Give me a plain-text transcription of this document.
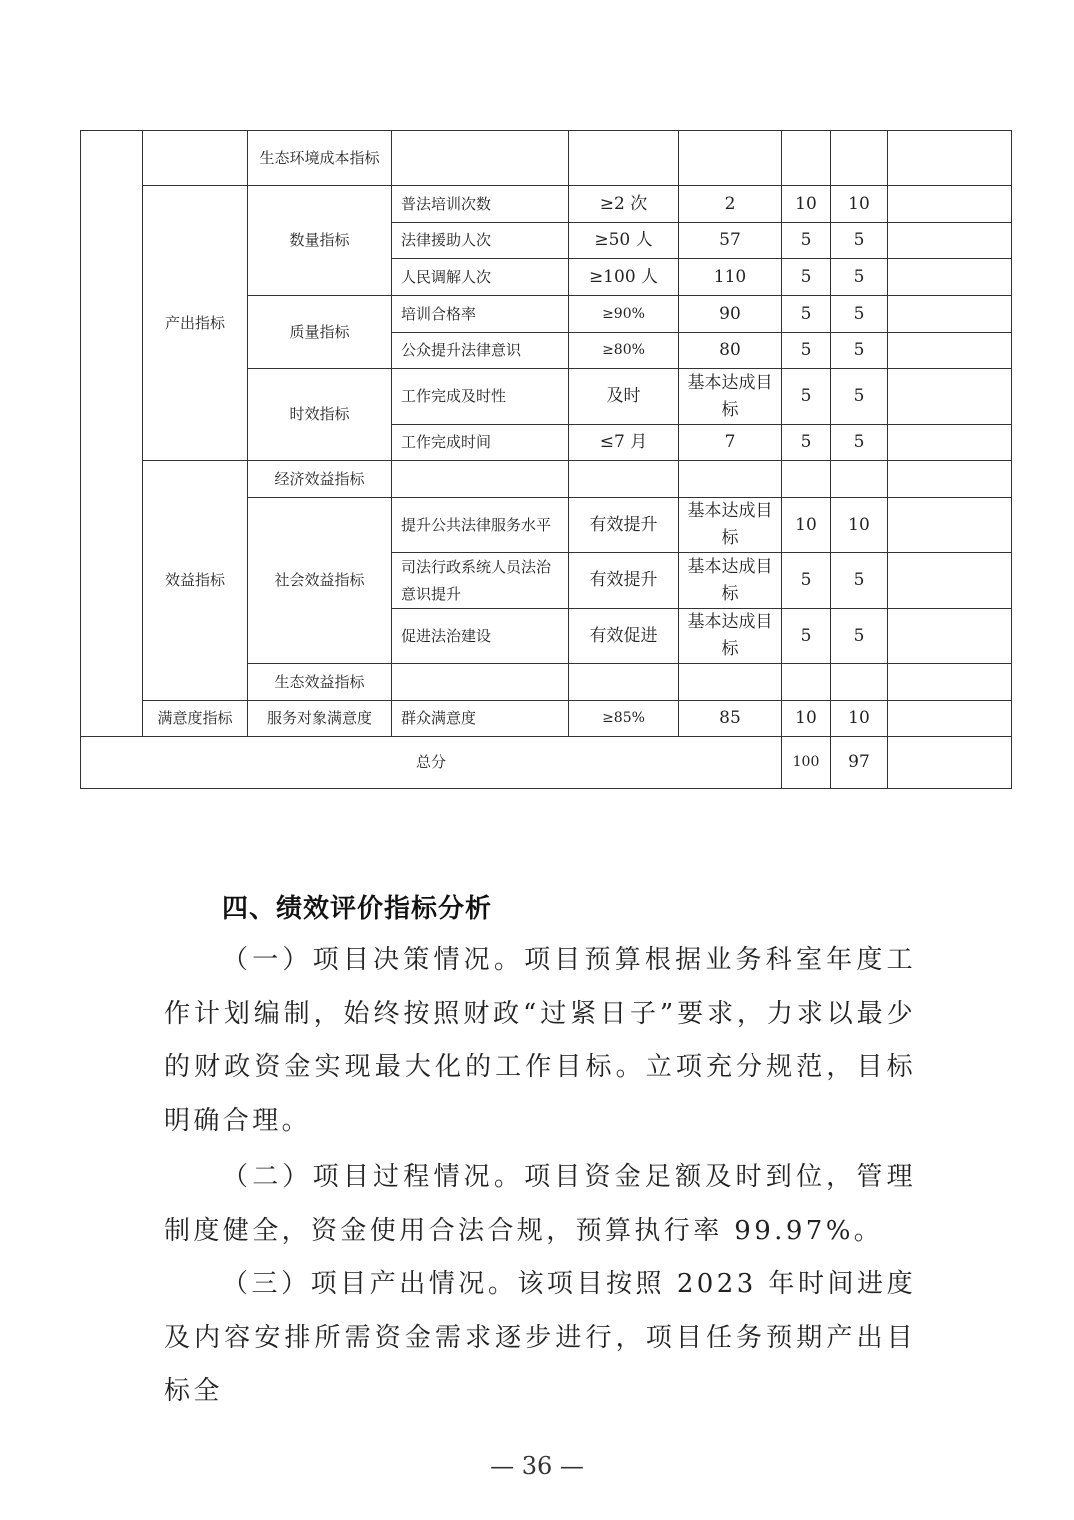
		生态环境成本指标						
	产出指标	数量指标	普法培训次数	≥2 次	2	10	10	
			法律援助人次	≥50 人	57	5	5	
			人民调解人次	≥100 人	110	5	5	
		质量指标	培训合格率	≥90%	90	5	5	
			公众提升法律意识	≥80%	80	5	5	
		时效指标	工作完成及时性	及时	基本达成目标	5	5	
			工作完成时间	≤7 月	7	5	5	
	效益指标	经济效益指标						
		社会效益指标	提升公共法律服务水平	有效提升	基本达成目标	10	10	
			司法行政系统人员法治意识提升	有效提升	基本达成目标	5	5	
			促进法治建设	有效促进	基本达成目标	5	5	
		生态效益指标						
	满意度指标	服务对象满意度	群众满意度	≥85%	85	10	10	
总分						100	97	
四、绩效评价指标分析
（一）项目决策情况。项目预算根据业务科室年度工作计划编制，始终按照财政“过紧日子”要求，力求以最少的财政资金实现最大化的工作目标。立项充分规范，目标明确合理。
（二）项目过程情况。项目资金足额及时到位，管理制度健全，资金使用合法合规，预算执行率 99.97%。
（三）项目产出情况。该项目按照 2023 年时间进度及内容安排所需资金需求逐步进行，项目任务预期产出目标全
— 36 —
